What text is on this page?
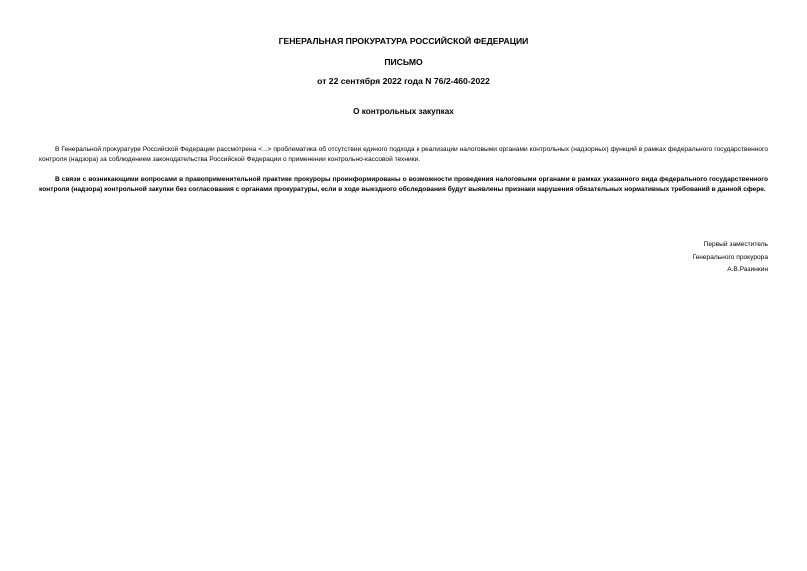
ГЕНЕРАЛЬНАЯ ПРОКУРАТУРА РОССИЙСКОЙ ФЕДЕРАЦИИ
ПИСЬМО
от 22 сентября 2022 года N 76/2-460-2022
О контрольных закупках

В Генеральной прокуратуре Российской Федерации рассмотрена <...> проблематика об отсутствии единого подхода к реализации налоговыми органами контрольных (надзорных) функций в рамках федерального государственного контроля (надзора) за соблюдением законодательства Российской Федерации о применении контрольно-кассовой техники.

В связи с возникающими вопросами в правоприменительной практике прокуроры проинформированы о возможности проведения налоговыми органами в рамках указанного вида федерального государственного контроля (надзора) контрольной закупки без согласования с органами прокуратуры, если в ходе выездного обследования будут выявлены признаки нарушения обязательных нормативных требований в данной сфере.

Первый заместитель
Генерального прокурора
А.В.Разинкин
